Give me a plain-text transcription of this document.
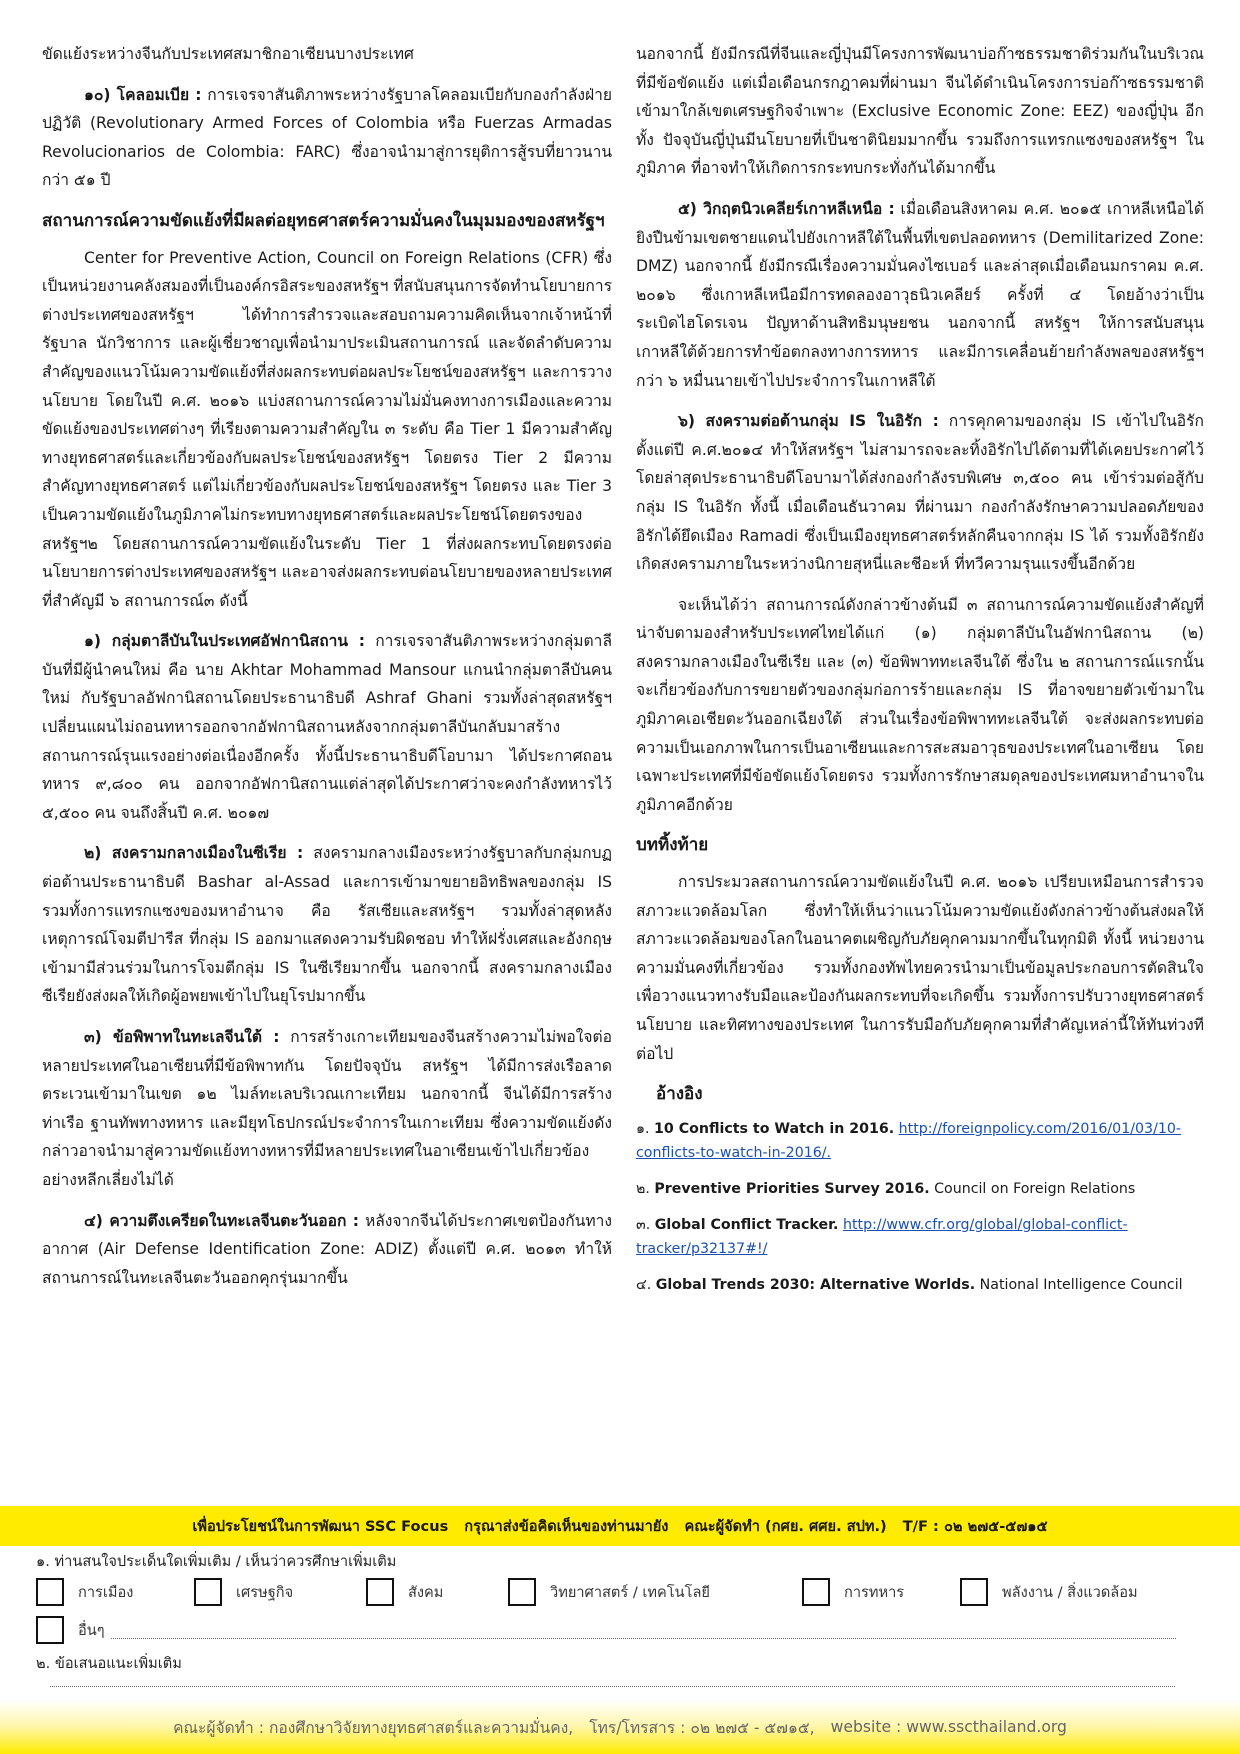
ขัดแย้งระหว่างจีนกับประเทศสมาชิกอาเซียนบางประเทศ

๑๐) โคลอมเบีย : การเจรจาสันติภาพระหว่างรัฐบาลโคลอมเบียกับกองกำลังฝ่ายปฏิวัติ (Revolutionary Armed Forces of Colombia หรือ Fuerzas Armadas Revolucionarios de Colombia: FARC) ซึ่งอาจนำมาสู่การยุติการสู้รบที่ยาวนานกว่า ๕๑ ปี

สถานการณ์ความขัดแย้งที่มีผลต่อยุทธศาสตร์ความมั่นคงในมุมมองของสหรัฐฯ

Center for Preventive Action, Council on Foreign Relations (CFR) ซึ่งเป็นหน่วยงานคลังสมองที่เป็นองค์กรอิสระของสหรัฐฯ ที่สนับสนุนการจัดทำนโยบายการต่างประเทศของสหรัฐฯ ได้ทำการสำรวจและสอบถามความคิดเห็นจากเจ้าหน้าที่รัฐบาล นักวิชาการ และผู้เชี่ยวชาญเพื่อนำมาประเมินสถานการณ์ และจัดลำดับความสำคัญของแนวโน้มความขัดแย้งที่ส่งผลกระทบต่อผลประโยชน์ของสหรัฐฯ และการวางนโยบาย โดยในปี ค.ศ. ๒๐๑๖ แบ่งสถานการณ์ความไม่มั่นคงทางการเมืองและความขัดแย้งของประเทศต่างๆ ที่เรียงตามความสำคัญใน ๓ ระดับ คือ Tier 1 มีความสำคัญทางยุทธศาสตร์และเกี่ยวข้องกับผลประโยชน์ของสหรัฐฯ โดยตรง Tier 2 มีความสำคัญทางยุทธศาสตร์ แต่ไม่เกี่ยวข้องกับผลประโยชน์ของสหรัฐฯ โดยตรง และ Tier 3 เป็นความขัดแย้งในภูมิภาคไม่กระทบทางยุทธศาสตร์และผลประโยชน์โดยตรงของสหรัฐฯ๒ โดยสถานการณ์ความขัดแย้งในระดับ Tier 1 ที่ส่งผลกระทบโดยตรงต่อนโยบายการต่างประเทศของสหรัฐฯ และอาจส่งผลกระทบต่อนโยบายของหลายประเทศ ที่สำคัญมี ๖ สถานการณ์๓ ดังนี้

๑) กลุ่มตาลีบันในประเทศอัฟกานิสถาน : การเจรจาสันติภาพระหว่างกลุ่มตาลีบันที่มีผู้นำคนใหม่ คือ นาย Akhtar Mohammad Mansour แกนนำกลุ่มตาลีบันคนใหม่ กับรัฐบาลอัฟกานิสถานโดยประธานาธิบดี Ashraf Ghani รวมทั้งล่าสุดสหรัฐฯ เปลี่ยนแผนไม่ถอนทหารออกจากอัฟกานิสถานหลังจากกลุ่มตาลีบันกลับมาสร้างสถานการณ์รุนแรงอย่างต่อเนื่องอีกครั้ง ทั้งนี้ประธานาธิบดีโอบามา ได้ประกาศถอนทหาร ๙,๘๐๐ คน ออกจากอัฟกานิสถานแต่ล่าสุดได้ประกาศว่าจะคงกำลังทหารไว้ ๕,๕๐๐ คน จนถึงสิ้นปี ค.ศ. ๒๐๑๗

๒) สงครามกลางเมืองในซีเรีย : สงครามกลางเมืองระหว่างรัฐบาลกับกลุ่มกบฏต่อต้านประธานาธิบดี Bashar al-Assad และการเข้ามาขยายอิทธิพลของกลุ่ม IS รวมทั้งการแทรกแซงของมหาอำนาจ คือ รัสเซียและสหรัฐฯ รวมทั้งล่าสุดหลังเหตุการณ์โจมตีปารีส ที่กลุ่ม IS ออกมาแสดงความรับผิดชอบ ทำให้ฝรั่งเศสและอังกฤษเข้ามามีส่วนร่วมในการโจมตีกลุ่ม IS ในซีเรียมากขึ้น นอกจากนี้ สงครามกลางเมืองซีเรียยังส่งผลให้เกิดผู้อพยพเข้าไปในยุโรปมากขึ้น

๓) ข้อพิพาทในทะเลจีนใต้ : การสร้างเกาะเทียมของจีนสร้างความไม่พอใจต่อหลายประเทศในอาเซียนที่มีข้อพิพาทกัน โดยปัจจุบัน สหรัฐฯ ได้มีการส่งเรือลาดตระเวนเข้ามาในเขต ๑๒ ไมล์ทะเลบริเวณเกาะเทียม นอกจากนี้ จีนได้มีการสร้างท่าเรือ ฐานทัพทางทหาร และมียุทโธปกรณ์ประจำการในเกาะเทียม ซึ่งความขัดแย้งดังกล่าวอาจนำมาสู่ความขัดแย้งทางทหารที่มีหลายประเทศในอาเซียนเข้าไปเกี่ยวข้องอย่างหลีกเลี่ยงไม่ได้

๔) ความตึงเครียดในทะเลจีนตะวันออก : หลังจากจีนได้ประกาศเขตป้องกันทางอากาศ (Air Defense Identification Zone: ADIZ) ตั้งแต่ปี ค.ศ. ๒๐๑๓ ทำให้สถานการณ์ในทะเลจีนตะวันออกคุกรุ่นมากขึ้น

นอกจากนี้ ยังมีกรณีที่จีนและญี่ปุ่นมีโครงการพัฒนาบ่อก๊าซธรรมชาติร่วมกันในบริเวณที่มีข้อขัดแย้ง แต่เมื่อเดือนกรกฎาคมที่ผ่านมา จีนได้ดำเนินโครงการบ่อก๊าซธรรมชาติเข้ามาใกล้เขตเศรษฐกิจจำเพาะ (Exclusive Economic Zone: EEZ) ของญี่ปุ่น อีกทั้ง ปัจจุบันญี่ปุ่นมีนโยบายที่เป็นชาตินิยมมากขึ้น รวมถึงการแทรกแซงของสหรัฐฯ ในภูมิภาค ที่อาจทำให้เกิดการกระทบกระทั่งกันได้มากขึ้น

๕) วิกฤตนิวเคลียร์เกาหลีเหนือ : เมื่อเดือนสิงหาคม ค.ศ. ๒๐๑๕ เกาหลีเหนือได้ยิงปืนข้ามเขตชายแดนไปยังเกาหลีใต้ในพื้นที่เขตปลอดทหาร (Demilitarized Zone: DMZ) นอกจากนี้ ยังมีกรณีเรื่องความมั่นคงไซเบอร์ และล่าสุดเมื่อเดือนมกราคม ค.ศ. ๒๐๑๖ ซึ่งเกาหลีเหนือมีการทดลองอาวุธนิวเคลียร์ ครั้งที่ ๔ โดยอ้างว่าเป็นระเบิดไฮโดรเจน ปัญหาด้านสิทธิมนุษยชน นอกจากนี้ สหรัฐฯ ให้การสนับสนุนเกาหลีใต้ด้วยการทำข้อตกลงทางการทหาร และมีการเคลื่อนย้ายกำลังพลของสหรัฐฯ กว่า ๖ หมื่นนายเข้าไปประจำการในเกาหลีใต้

๖) สงครามต่อต้านกลุ่ม IS ในอิรัก : การคุกคามของกลุ่ม IS เข้าไปในอิรักตั้งแต่ปี ค.ศ.๒๐๑๔ ทำให้สหรัฐฯ ไม่สามารถจะละทิ้งอิรักไปได้ตามที่ได้เคยประกาศไว้ โดยล่าสุดประธานาธิบดีโอบามาได้ส่งกองกำลังรบพิเศษ ๓,๕๐๐ คน เข้าร่วมต่อสู้กับกลุ่ม IS ในอิรัก ทั้งนี้ เมื่อเดือนธันวาคม ที่ผ่านมา กองกำลังรักษาความปลอดภัยของอิรักได้ยึดเมือง Ramadi ซึ่งเป็นเมืองยุทธศาสตร์หลักคืนจากกลุ่ม IS ได้ รวมทั้งอิรักยังเกิดสงครามภายในระหว่างนิกายสุหนี่และชีอะห์ ที่ทวีความรุนแรงขึ้นอีกด้วย

จะเห็นได้ว่า สถานการณ์ดังกล่าวข้างต้นมี ๓ สถานการณ์ความขัดแย้งสำคัญที่น่าจับตามองสำหรับประเทศไทยได้แก่ (๑) กลุ่มตาลีบันในอัฟกานิสถาน (๒) สงครามกลางเมืองในซีเรีย และ (๓) ข้อพิพาททะเลจีนใต้ ซึ่งใน ๒ สถานการณ์แรกนั้นจะเกี่ยวข้องกับการขยายตัวของกลุ่มก่อการร้ายและกลุ่ม IS ที่อาจขยายตัวเข้ามาในภูมิภาคเอเชียตะวันออกเฉียงใต้ ส่วนในเรื่องข้อพิพาททะเลจีนใต้ จะส่งผลกระทบต่อความเป็นเอกภาพในการเป็นอาเซียนและการสะสมอาวุธของประเทศในอาเซียน โดยเฉพาะประเทศที่มีข้อขัดแย้งโดยตรง รวมทั้งการรักษาสมดุลของประเทศมหาอำนาจในภูมิภาคอีกด้วย

บททิ้งท้าย

การประมวลสถานการณ์ความขัดแย้งในปี ค.ศ. ๒๐๑๖ เปรียบเหมือนการสำรวจสภาวะแวดล้อมโลก ซึ่งทำให้เห็นว่าแนวโน้มความขัดแย้งดังกล่าวข้างต้นส่งผลให้สภาวะแวดล้อมของโลกในอนาคตเผชิญกับภัยคุกคามมากขึ้นในทุกมิติ ทั้งนี้ หน่วยงานความมั่นคงที่เกี่ยวข้อง รวมทั้งกองทัพไทยควรนำมาเป็นข้อมูลประกอบการตัดสินใจ เพื่อวางแนวทางรับมือและป้องกันผลกระทบที่จะเกิดขึ้น รวมทั้งการปรับวางยุทธศาสตร์ นโยบาย และทิศทางของประเทศ ในการรับมือกับภัยคุกคามที่สำคัญเหล่านี้ให้ทันท่วงทีต่อไป

อ้างอิง

๑. 10 Conflicts to Watch in 2016. http://foreignpolicy.com/2016/01/03/10-conflicts-to-watch-in-2016/.

๒. Preventive Priorities Survey 2016. Council on Foreign Relations

๓. Global Conflict Tracker. http://www.cfr.org/global/global-conflict-tracker/p32137#!/

๔. Global Trends 2030: Alternative Worlds. National Intelligence Council

เพื่อประโยชน์ในการพัฒนา SSC Focus กรุณาส่งข้อคิดเห็นของท่านมายัง คณะผู้จัดทำ (กศย. ศศย. สปท.) T/F : ๐๒ ๒๗๕-๕๗๑๕
๑. ท่านสนใจประเด็นใดเพิ่มเติม / เห็นว่าควรศึกษาเพิ่มเติม
การเมือง	เศรษฐกิจ	สังคม	วิทยาศาสตร์ / เทคโนโลยี	การทหาร	พลังงาน / สิ่งแวดล้อม
อื่นๆ
๒. ข้อเสนอแนะเพิ่มเติม
คณะผู้จัดทำ : กองศึกษาวิจัยทางยุทธศาสตร์และความมั่นคง, โทร/โทรสาร : ๐๒ ๒๗๕ - ๕๗๑๕, website : www.sscthailand.org
